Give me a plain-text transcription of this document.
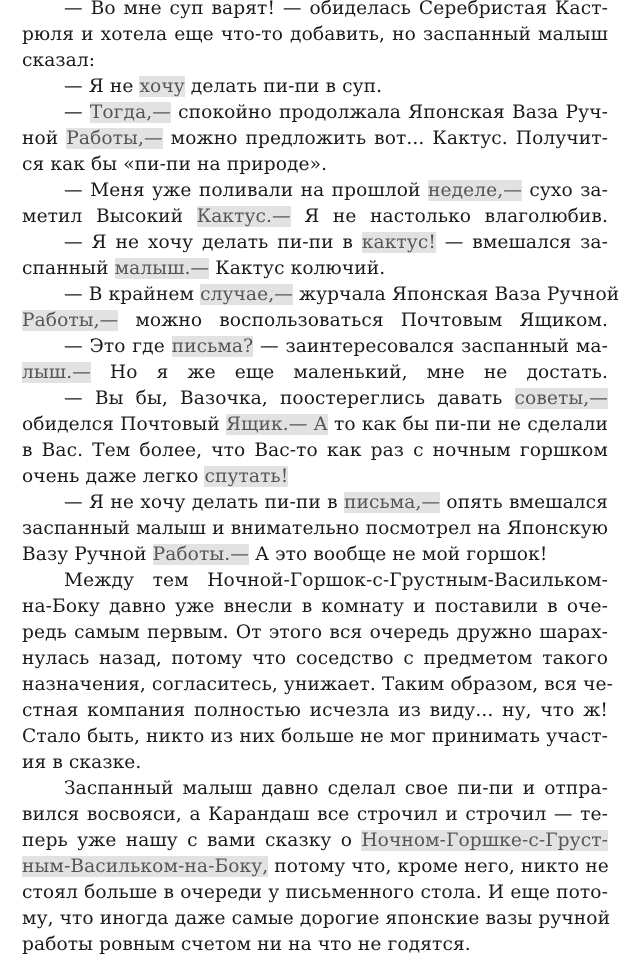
— Во мне суп варят! — обиделась Серебристая Каст-
рюля и хотела еще что-то добавить, но заспанный малыш
сказал:
— Я не хочу делать пи-пи в суп.
— Тогда,— спокойно продолжала Японская Ваза Руч-
ной Работы,— можно предложить вот... Кактус. Получит-
ся как бы «пи-пи на природе».
— Меня уже поливали на прошлой неделе,— сухо за-
метил Высокий Кактус.— Я не настолько влаголюбив.
— Я не хочу делать пи-пи в кактус! — вмешался за-
спанный малыш.— Кактус колючий.
— В крайнем случае,— журчала Японская Ваза Ручной
Работы,— можно воспользоваться Почтовым Ящиком.
— Это где письма? — заинтересовался заспанный ма-
лыш.— Но я же еще маленький, мне не достать.
— Вы бы, Вазочка, поостереглись давать советы,—
обиделся Почтовый Ящик.— А то как бы пи-пи не сделали
в Вас. Тем более, что Вас-то как раз с ночным горшком
очень даже легко спутать!
— Я не хочу делать пи-пи в письма,— опять вмешался
заспанный малыш и внимательно посмотрел на Японскую
Вазу Ручной Работы.— А это вообще не мой горшок!
Между тем Ночной-Горшок-с-Грустным-Васильком-
на-Боку давно уже внесли в комнату и поставили в оче-
редь самым первым. От этого вся очередь дружно шарах-
нулась назад, потому что соседство с предметом такого
назначения, согласитесь, унижает. Таким образом, вся че-
стная компания полностью исчезла из виду... ну, что ж!
Стало быть, никто из них больше не мог принимать участ-
ия в сказке.
Заспанный малыш давно сделал свое пи-пи и отпра-
вился восвояси, а Карандаш все строчил и строчил — те-
перь уже нашу с вами сказку о Ночном-Горшке-с-Груст-
ным-Васильком-на-Боку, потому что, кроме него, никто не
стоял больше в очереди у письменного стола. И еще пото-
му, что иногда даже самые дорогие японские вазы ручной
работы ровным счетом ни на что не годятся.
